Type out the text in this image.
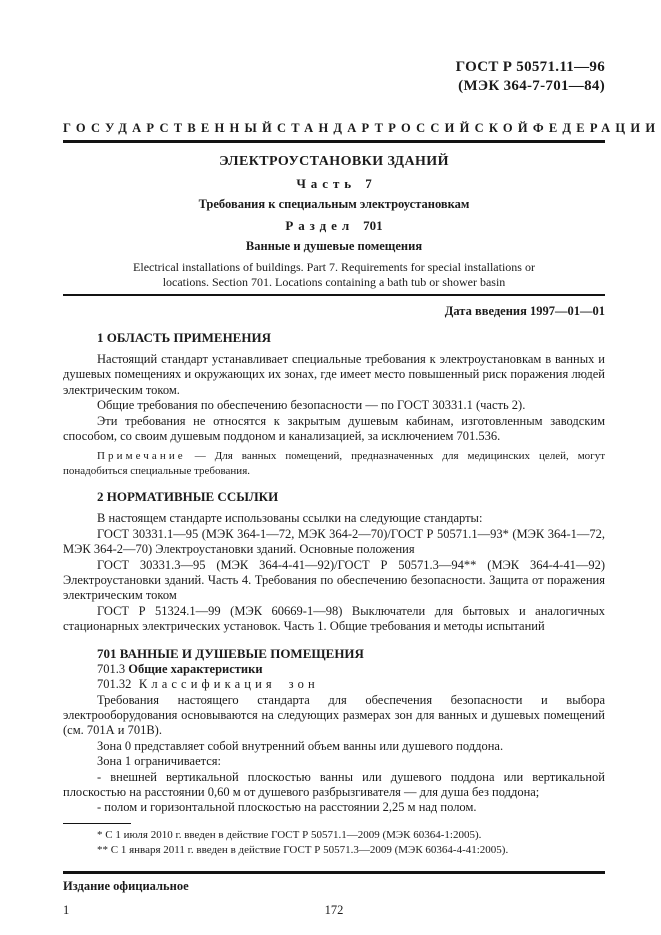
ГОСТ Р 50571.11—96
(МЭК 364-7-701—84)
ГОСУДАРСТВЕННЫЙ СТАНДАРТ РОССИЙСКОЙ ФЕДЕРАЦИИ
ЭЛЕКТРОУСТАНОВКИ ЗДАНИЙ
Часть 7
Требования к специальным электроустановкам
Раздел 701
Ванные и душевые помещения
Electrical installations of buildings. Part 7. Requirements for special installations or locations. Section 701. Locations containing a bath tub or shower basin
Дата введения 1997—01—01
1 ОБЛАСТЬ ПРИМЕНЕНИЯ

Настоящий стандарт устанавливает специальные требования к электроустановкам в ванных и душевых помещениях и окружающих их зонах, где имеет место повышенный риск поражения людей электрическим током.

Общие требования по обеспечению безопасности — по ГОСТ 30331.1 (часть 2).

Эти требования не относятся к закрытым душевым кабинам, изготовленным заводским способом, со своим душевым поддоном и канализацией, за исключением 701.536.

Примечание — Для ванных помещений, предназначенных для медицинских целей, могут понадобиться специальные требования.

2 НОРМАТИВНЫЕ ССЫЛКИ

В настоящем стандарте использованы ссылки на следующие стандарты:

ГОСТ 30331.1—95 (МЭК 364-1—72, МЭК 364-2—70)/ГОСТ Р 50571.1—93* (МЭК 364-1—72, МЭК 364-2—70) Электроустановки зданий. Основные положения

ГОСТ 30331.3—95 (МЭК 364-4-41—92)/ГОСТ Р 50571.3—94** (МЭК 364-4-41—92) Электроустановки зданий. Часть 4. Требования по обеспечению безопасности. Защита от поражения электрическим током

ГОСТ Р 51324.1—99 (МЭК 60669-1—98) Выключатели для бытовых и аналогичных стационарных электрических установок. Часть 1. Общие требования и методы испытаний

701 ВАННЫЕ И ДУШЕВЫЕ ПОМЕЩЕНИЯ

701.3 Общие характеристики

701.32 Классификация зон

Требования настоящего стандарта для обеспечения безопасности и выбора электрооборудования основываются на следующих размерах зон для ванных и душевых помещений (см. 701А и 701В).

Зона 0 представляет собой внутренний объем ванны или душевого поддона.

Зона 1 ограничивается:

- внешней вертикальной плоскостью ванны или душевого поддона или вертикальной плоскостью на расстоянии 0,60 м от душевого разбрызгивателя — для душа без поддона;

- полом и горизонтальной плоскостью на расстоянии 2,25 м над полом.

* С 1 июля 2010 г. введен в действие ГОСТ Р 50571.1—2009 (МЭК 60364-1:2005).

** С 1 января 2011 г. введен в действие ГОСТ Р 50571.3—2009 (МЭК 60364-4-41:2005).

Издание официальное
1	172
